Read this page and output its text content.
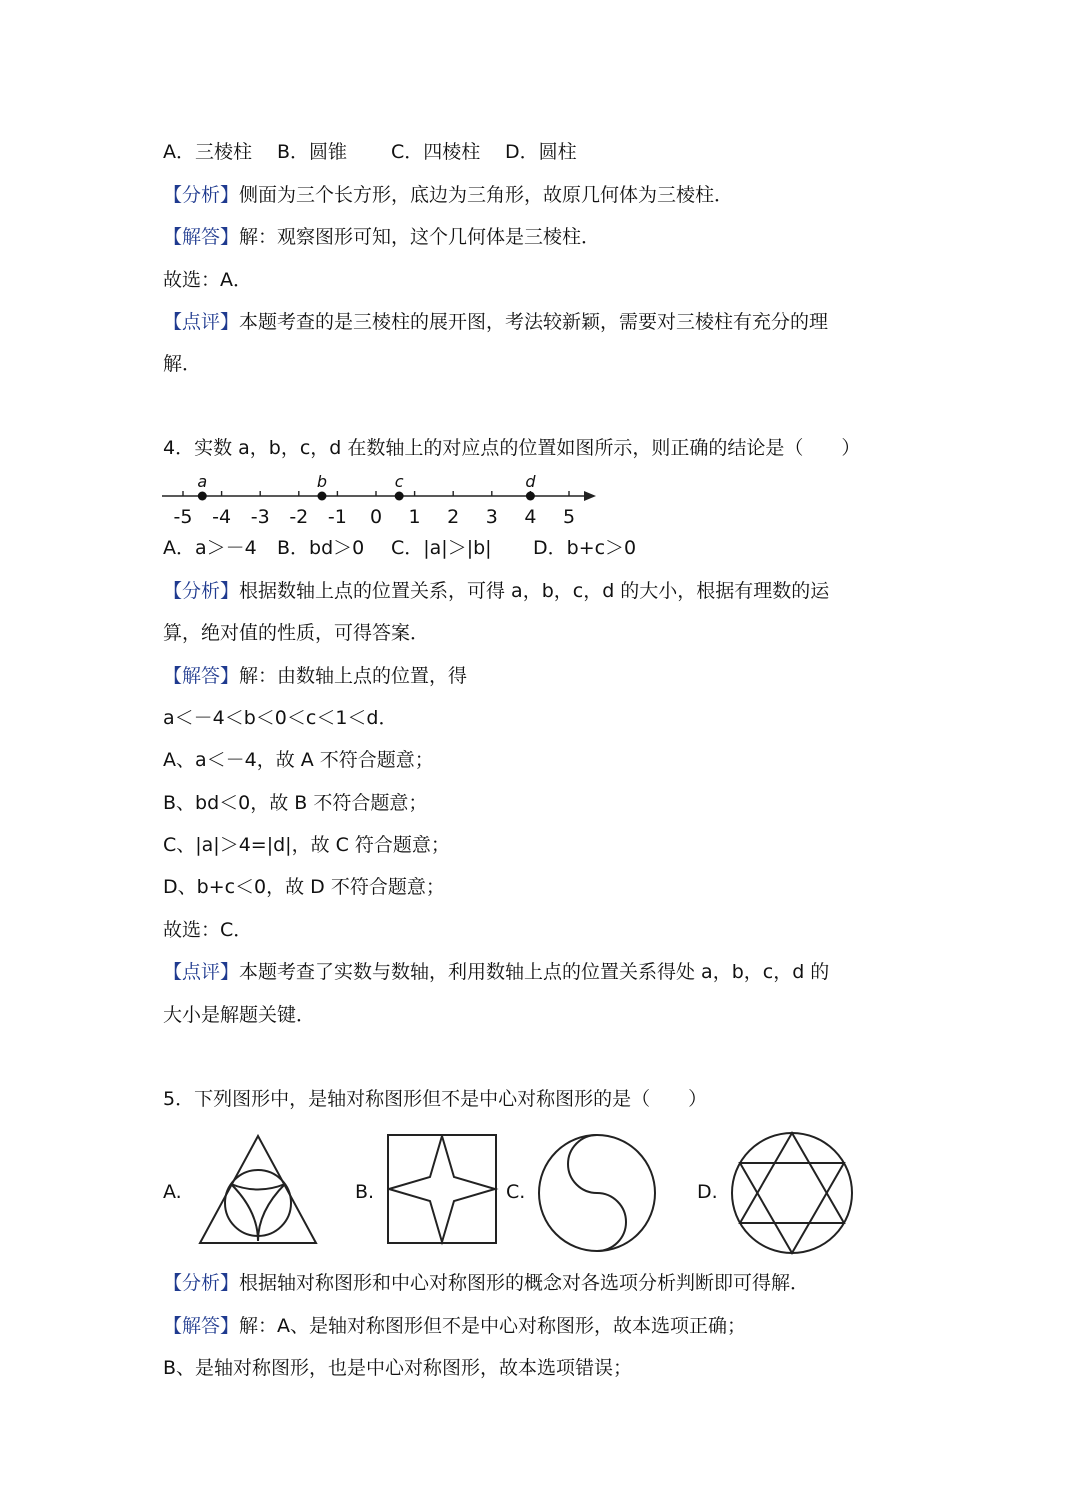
A．三棱柱 B．圆锥 C．四棱柱 D．圆柱
【分析】侧面为三个长方形，底边为三角形，故原几何体为三棱柱．
【解答】解：观察图形可知，这个几何体是三棱柱．
故选：A．
【点评】本题考查的是三棱柱的展开图，考法较新颖，需要对三棱柱有充分的理
解．
4．实数 a，b，c，d 在数轴上的对应点的位置如图所示，则正确的结论是（　　）
-5 -4 -3 -2 -1 0 1 2 3 4 5
a	b	c	d
A．a＞－4 B．bd＞0 C．|a|＞|b| D．b+c＞0
【分析】根据数轴上点的位置关系，可得 a，b，c，d 的大小，根据有理数的运
算，绝对值的性质，可得答案．
【解答】解：由数轴上点的位置，得
a＜－4＜b＜0＜c＜1＜d．
A、a＜－4，故 A 不符合题意；
B、bd＜0，故 B 不符合题意；
C、|a|＞4=|d|，故 C 符合题意；
D、b+c＜0，故 D 不符合题意；
故选：C．
【点评】本题考查了实数与数轴，利用数轴上点的位置关系得处 a，b，c，d 的
大小是解题关键．
5．下列图形中，是轴对称图形但不是中心对称图形的是（　　）
A.	B.	C.	D.
【分析】根据轴对称图形和中心对称图形的概念对各选项分析判断即可得解．
【解答】解：A、是轴对称图形但不是中心对称图形，故本选项正确；
B、是轴对称图形，也是中心对称图形，故本选项错误；
